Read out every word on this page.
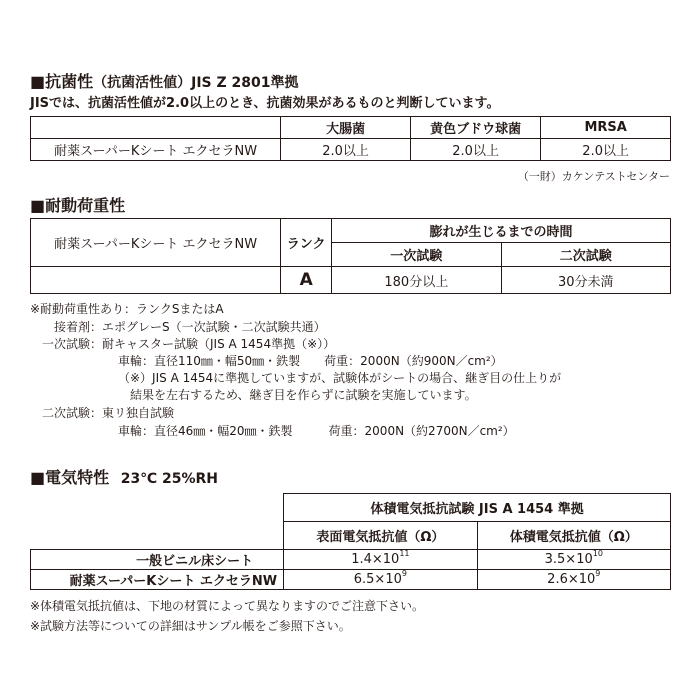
■抗菌性（抗菌活性値）JIS Z 2801準拠
JISでは、抗菌活性値が2.0以上のとき、抗菌効果があるものと判断しています。
	大腸菌	黄色ブドウ球菌	MRSA
耐薬スーパーKシート エクセラNW	2.0以上	2.0以上	2.0以上
（一財）カケンテストセンター
■耐動荷重性
耐薬スーパーKシート エクセラNW	ランク	膨れが生じるまでの時間	
		一次試験	二次試験
	A	180分以上	30分未満
※耐動荷重性あり：ランクSまたはA
接着剤：エポグレーS（一次試験・二次試験共通）
一次試験：耐キャスター試験（JIS A 1454準拠（※））
車輪：直径110㎜・幅50㎜・鉄製　　荷重：2000N（約900N／cm²）
（※）JIS A 1454に準拠していますが、試験体がシートの場合、継ぎ目の仕上りが
結果を左右するため、継ぎ目を作らずに試験を実施しています。
二次試験：東リ独自試験
車輪：直径46㎜・幅20㎜・鉄製　　　荷重：2000N（約2700N／cm²）
■電気特性 23℃ 25%RH
	体積電気抵抗試験 JIS A 1454 準拠	
	表面電気抵抗値（Ω）	体積電気抵抗値（Ω）
一般ビニル床シート	$1.4\times 10^{11}$	$3.5\times 10^{10}$
耐薬スーパーKシート エクセラNW	$6.5\times 10^9$	$2.6\times 10^9$
※体積電気抵抗値は、下地の材質によって異なりますのでご注意下さい。
※試験方法等についての詳細はサンプル帳をご参照下さい。
